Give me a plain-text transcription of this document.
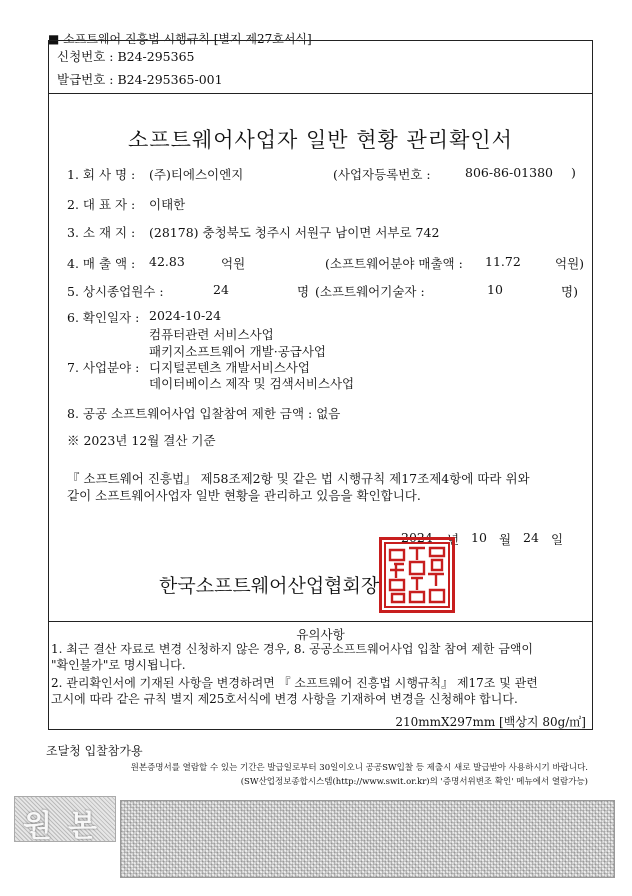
■ 소프트웨어 진흥법 시행규칙 [별지 제27호서식]
신청번호 : B24-295365
발급번호 : B24-295365-001
소프트웨어사업자 일반 현황 관리확인서
1. 회 사 명 : (주)티에스이엔지	(사업자등록번호 :	806-86-01380 )
2. 대 표 자 : 이태한
3. 소 재 지 : (28178) 충청북도 청주시 서원구 남이면 서부로 742
4. 매 출 액 : 42.83	억원	(소프트웨어분야 매출액 : 11.72	억원)
5. 상시종업원수 :	24	명 (소프트웨어기술자 :	10	명)
6. 확인일자 : 2024-10-24
컴퓨터관련 서비스사업
패키지소프트웨어 개발·공급사업
7. 사업분야 : 디지털콘텐츠 개발서비스사업
데이터베이스 제작 및 검색서비스사업
8. 공공 소프트웨어사업 입찰참여 제한 금액 : 없음
※ 2023년 12월 결산 기준
『 소프트웨어 진흥법』 제58조제2항 및 같은 법 시행규칙 제17조제4항에 따라 위와
같이 소프트웨어사업자 일반 현황을 관리하고 있음을 확인합니다.
2024 년 10 월 24 일
한국소프트웨어산업협회장
유의사항
1. 최근 결산 자료로 변경 신청하지 않은 경우, 8. 공공소프트웨어사업 입찰 참여 제한 금액이
"확인불가"로 명시됩니다.
2. 관리확인서에 기재된 사항을 변경하려면 『 소프트웨어 진흥법 시행규칙』 제17조 및 관련
고시에 따라 같은 규칙 별지 제25호서식에 변경 사항을 기재하여 변경을 신청해야 합니다.
210mmX297mm [백상지 80g/㎡]
조달청 입찰참가용
원본증명서를 열람할 수 있는 기간은 발급일로부터 30일이오니 공공SW입찰 등 제출시 새로 발급받아 사용하시기 바랍니다.
(SW산업정보종합시스템(http://www.swit.or.kr)의 '증명서위변조 확인' 메뉴에서 열람가능)
원본
